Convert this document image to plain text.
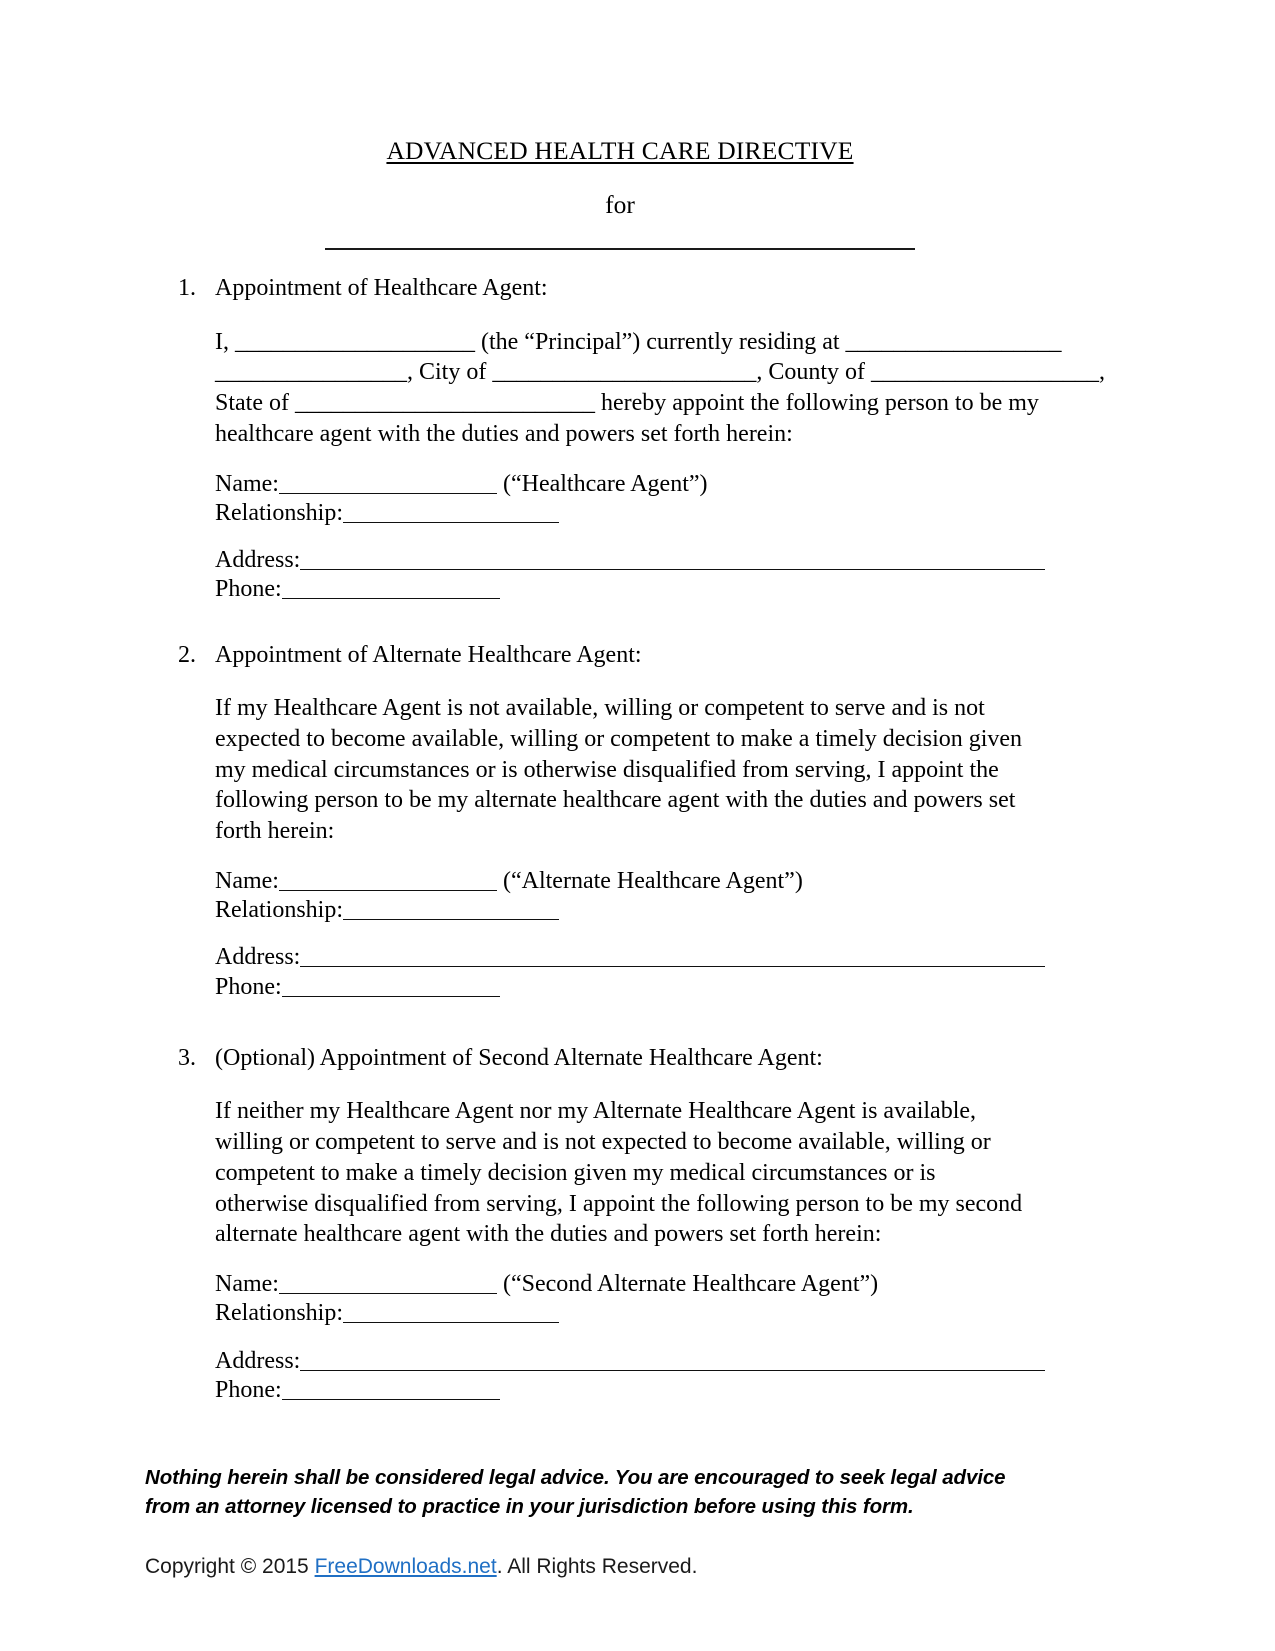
ADVANCED HEALTH CARE DIRECTIVE
for
1. Appointment of Healthcare Agent:
I, ____________________ (the “Principal”) currently residing at __________________
________________, City of ______________________, County of ___________________,
State of _________________________ hereby appoint the following person to be my
healthcare agent with the duties and powers set forth herein:
Name:	(“Healthcare Agent”)
Relationship:
Address:
Phone:
2. Appointment of Alternate Healthcare Agent:
If my Healthcare Agent is not available, willing or competent to serve and is not
expected to become available, willing or competent to make a timely decision given
my medical circumstances or is otherwise disqualified from serving, I appoint the
following person to be my alternate healthcare agent with the duties and powers set
forth herein:
Name:	(“Alternate Healthcare Agent”)
Relationship:
Address:
Phone:
3. (Optional) Appointment of Second Alternate Healthcare Agent:
If neither my Healthcare Agent nor my Alternate Healthcare Agent is available,
willing or competent to serve and is not expected to become available, willing or
competent to make a timely decision given my medical circumstances or is
otherwise disqualified from serving, I appoint the following person to be my second
alternate healthcare agent with the duties and powers set forth herein:
Name:	(“Second Alternate Healthcare Agent”)
Relationship:
Address:
Phone:
Nothing herein shall be considered legal advice. You are encouraged to seek legal advice from an attorney licensed to practice in your jurisdiction before using this form.
Copyright © 2015 FreeDownloads.net. All Rights Reserved.
